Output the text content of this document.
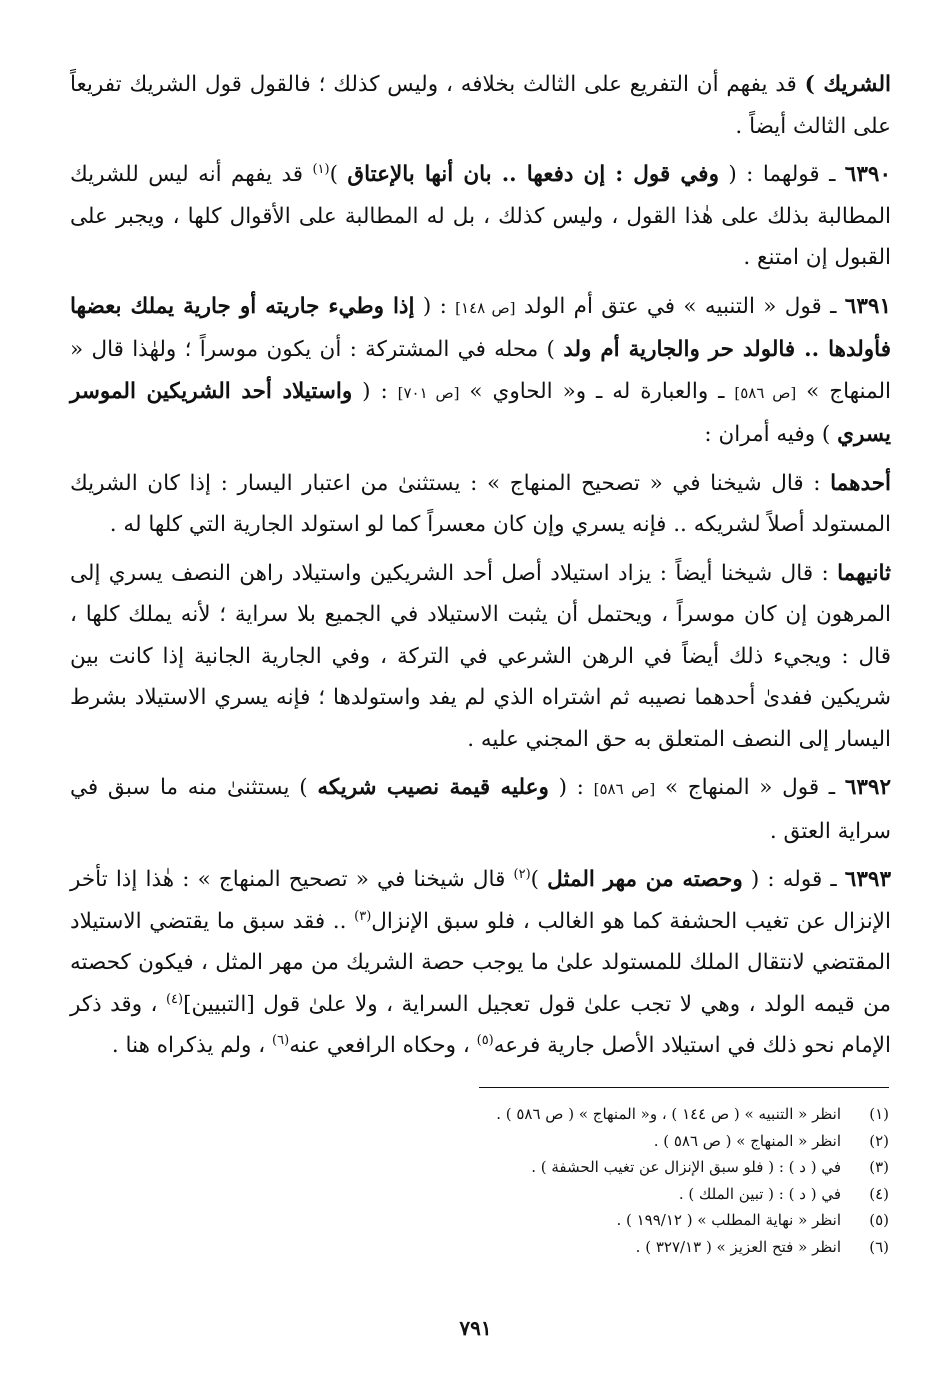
الشريك ) قد يفهم أن التفريع على الثالث بخلافه ، وليس كذلك ؛ فالقول قول الشريك تفريعاً على الثالث أيضاً .

٦٣٩٠ ـ قولهما : ( وفي قول : إن دفعها .. بان أنها بالإعتاق )$^{(١)}$ قد يفهم أنه ليس للشريك المطالبة بذلك على هٰذا القول ، وليس كذلك ، بل له المطالبة على الأقوال كلها ، ويجبر على القبول إن امتنع .

٦٣٩١ ـ قول « التنبيه » في عتق أم الولد [ص ١٤٨] : ( إذا وطيء جاريته أو جارية يملك بعضها فأولدها .. فالولد حر والجارية أم ولد ) محله في المشتركة : أن يكون موسراً ؛ ولهٰذا قال « المنهاج » [ص ٥٨٦] ـ والعبارة له ـ و« الحاوي » [ص ٧٠١] : ( واستيلاد أحد الشريكين الموسر يسري ) وفيه أمران :

أحدهما : قال شيخنا في « تصحيح المنهاج » : يستثنىٰ من اعتبار اليسار : إذا كان الشريك المستولد أصلاً لشريكه .. فإنه يسري وإن كان معسراً كما لو استولد الجارية التي كلها له .

ثانيهما : قال شيخنا أيضاً : يزاد استيلاد أصل أحد الشريكين واستيلاد راهن النصف يسري إلى المرهون إن كان موسراً ، ويحتمل أن يثبت الاستيلاد في الجميع بلا سراية ؛ لأنه يملك كلها ، قال : ويجيء ذلك أيضاً في الرهن الشرعي في التركة ، وفي الجارية الجانية إذا كانت بين شريكين ففدىٰ أحدهما نصيبه ثم اشتراه الذي لم يفد واستولدها ؛ فإنه يسري الاستيلاد بشرط اليسار إلى النصف المتعلق به حق المجني عليه .

٦٣٩٢ ـ قول « المنهاج » [ص ٥٨٦] : ( وعليه قيمة نصيب شريكه ) يستثنىٰ منه ما سبق في سراية العتق .

٦٣٩٣ ـ قوله : ( وحصته من مهر المثل )$^{(٢)}$ قال شيخنا في « تصحيح المنهاج » : هٰذا إذا تأخر الإنزال عن تغيب الحشفة كما هو الغالب ، فلو سبق الإنزال$^{(٣)}$ .. فقد سبق ما يقتضي الاستيلاد المقتضي لانتقال الملك للمستولد علىٰ ما يوجب حصة الشريك من مهر المثل ، فيكون كحصته من قيمه الولد ، وهي لا تجب علىٰ قول تعجيل السراية ، ولا علىٰ قول [التبيين]$^{(٤)}$ ، وقد ذكر الإمام نحو ذلك في استيلاد الأصل جارية فرعه$^{(٥)}$ ، وحكاه الرافعي عنه$^{(٦)}$ ، ولم يذكراه هنا .

(١)
انظر « التنبيه » ( ص ١٤٤ ) ، و« المنهاج » ( ص ٥٨٦ ) .
(٢)
انظر « المنهاج » ( ص ٥٨٦ ) .
(٣)
في ( د ) : ( فلو سبق الإنزال عن تغيب الحشفة ) .
(٤)
في ( د ) : ( تبين الملك ) .
(٥)
انظر « نهاية المطلب » ( ١٩٩/١٢ ) .
(٦)
انظر « فتح العزيز » ( ٣٢٧/١٣ ) .
٧٩١
